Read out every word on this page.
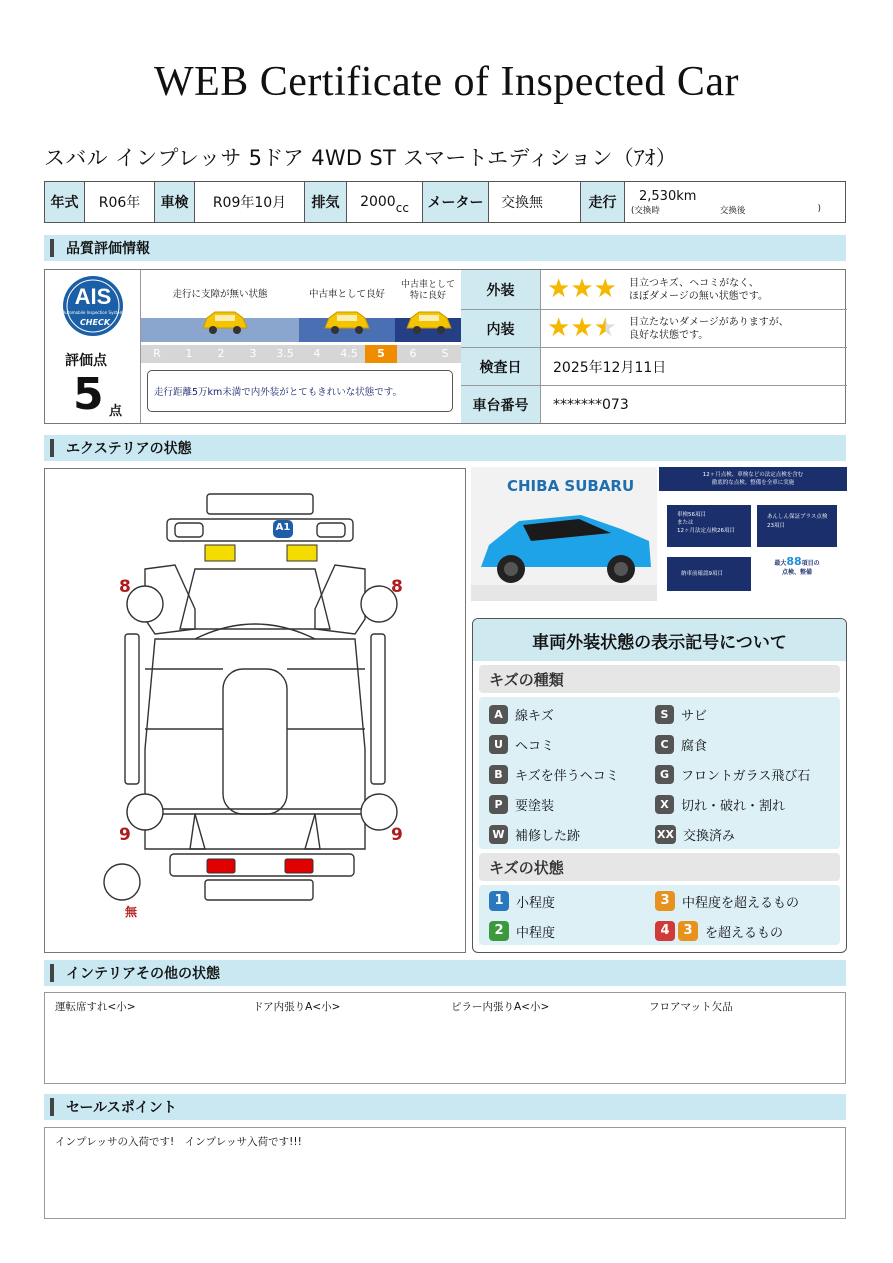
WEB Certificate of Inspected Car
スバル インプレッサ 5ドア 4WD ST スマートエディション（ｱｵ）
年式	R06年	車検	R09年10月	排気	2000 cc	メーター	交換無	走行	2,530km
(交換時	交換後	)
品質評価情報
AIS
Automobile Inspection System
CHECK
評価点
5 点
走行に支障が無い状態	中古車として良好
中古車として
特に良好
R	1	2	3	3.5	4	4.5	5	6	S
走行距離5万km未満で内外装がとてもきれいな状態です。
外装	★★★ 目立つキズ、ヘコミがなく、
ほぼダメージの無い状態です。
内装	★★★ 目立たないダメージがありますが、
良好な状態です。
検査日	2025年12月11日
車台番号	*******073
エクステリアの状態
A1
8	8
9	9
無
CHIBA SUBARU
12ヶ月点検、車検などの法定点検を含む
徹底的な点検、整備を全車に実施
車検56項目
または
12ヶ月法定点検26項目
あんしん保証プラス点検
23項目
納車前確認9項目
最大88項目の
点検、整備
車両外装状態の表示記号について
キズの種類
A 線キズ	S サビ
U ヘコミ	C 腐食
B キズを伴うヘコミ	G フロントガラス飛び石
P 要塗装	X 切れ・破れ・割れ
W 補修した跡	XX 交換済み
キズの状態
1 小程度	3 中程度を超えるもの
2 中程度	4	3 を超えるもの
インテリアその他の状態
運転席すれ<小>	ドア内張りA<小>	ピラー内張りA<小>	フロアマット欠品
セールスポイント
インプレッサの入荷です!　インプレッサ入荷です!!!
